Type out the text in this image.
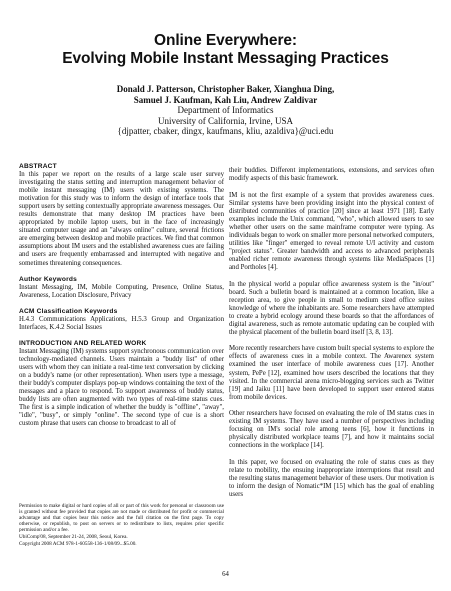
Online Everywhere:
Evolving Mobile Instant Messaging Practices
Donald J. Patterson, Christopher Baker, Xianghua Ding,
Samuel J. Kaufman, Kah Liu, Andrew Zaldivar
Department of Informatics
University of California, Irvine, USA
{djpatter, cbaker, dingx, kaufmans, kliu, azaldiva}@uci.edu
ABSTRACT

In this paper we report on the results of a large scale user survey investigating the status setting and interruption management behavior of mobile instant messaging (IM) users with existing systems. The motivation for this study was to inform the design of interface tools that support users by setting contextually appropriate awareness messages. Our results demonstrate that many desktop IM practices have been appropriated by mobile laptop users, but in the face of increasingly situated computer usage and an "always online" culture, several frictions are emerging between desktop and mobile practices. We find that common assumptions about IM users and the established awareness cues are failing and users are frequently embarrassed and interrupted with negative and sometimes threatening consequences.

Author Keywords

Instant Messaging, IM, Mobile Computing, Presence, Online Status, Awareness, Location Disclosure, Privacy

ACM Classification Keywords

H.4.3 Communications Applications, H.5.3 Group and Organization Interfaces, K.4.2 Social Issues

INTRODUCTION AND RELATED WORK

Instant Messaging (IM) systems support synchronous communication over technology-mediated channels. Users maintain a "buddy list" of other users with whom they can initiate a real-time text conversation by clicking on a buddy's name (or other representation). When users type a message, their buddy's computer displays pop-up windows containing the text of the messages and a place to respond. To support awareness of buddy status, buddy lists are often augmented with two types of real-time status cues. The first is a simple indication of whether the buddy is "offline", "away", "idle", "busy", or simply "online". The second type of cue is a short custom phrase that users can choose to broadcast to all of

Permission to make digital or hard copies of all or part of this work for personal or classroom use is granted without fee provided that copies are not made or distributed for profit or commercial advantage and that copies bear this notice and the full citation on the first page. To copy otherwise, or republish, to post on servers or to redistribute to lists, requires prior specific permission and/or a fee.

UbiComp'08, September 21-24, 2008, Seoul, Korea.

Copyright 2008 ACM 978-1-60558-136-1/08/09...$5.00.

their buddies. Different implementations, extensions, and services often modify aspects of this basic framework.

IM is not the first example of a system that provides awareness cues. Similar systems have been providing insight into the physical context of distributed communities of practice [20] since at least 1971 [18]. Early examples include the Unix command, "who", which allowed users to see whether other users on the same mainframe computer were typing. As individuals began to work on smaller more personal networked computers, utilities like "finger" emerged to reveal remote U/I activity and custom "project status". Greater bandwidth and access to advanced peripherals enabled richer remote awareness through systems like MediaSpaces [1] and Portholes [4].

In the physical world a popular office awareness system is the "in/out" board. Such a bulletin board is maintained at a common location, like a reception area, to give people in small to medium sized office suites knowledge of where the inhabitants are. Some researchers have attempted to create a hybrid ecology around these boards so that the affordances of digital awareness, such as remote automatic updating can be coupled with the physical placement of the bulletin board itself [3, 8, 13].

More recently researchers have custom built special systems to explore the effects of awareness cues in a mobile context. The Awarenex system examined the user interface of mobile awareness cues [17]. Another system, PePe [12], examined how users described the locations that they visited. In the commercial arena micro-blogging services such as Twitter [19] and Jaiku [11] have been developed to support user entered status from mobile devices.

Other researchers have focused on evaluating the role of IM status cues in existing IM systems. They have used a number of perspectives including focusing on IM's social role among teens [6], how it functions in physically distributed workplace teams [7], and how it maintains social connections in the workplace [14].

In this paper, we focused on evaluating the role of status cues as they relate to mobility, the ensuing inappropriate interruptions that result and the resulting status management behavior of these users. Our motivation is to inform the design of Nomatic*IM [15] which has the goal of enabling users

64
